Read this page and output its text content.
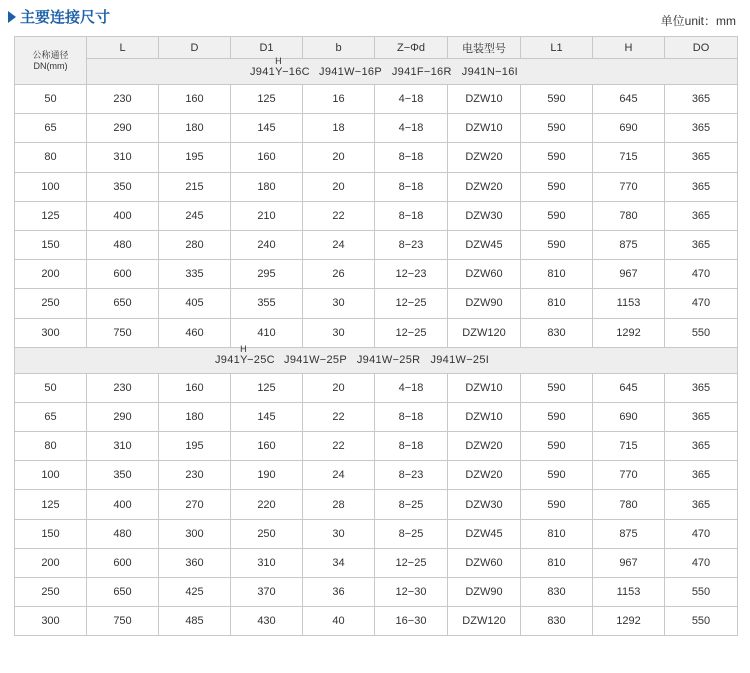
主要连接尺寸	单位unit：mm
公称通径
DN(mm)	L	D	D1	b	Z−Φd	电装型号	L1	H	DO
	J941
H
Y−16C J941W−16P   J941F−16R   J941N−16I								
50	230	160	125	16	4−18	DZW10	590	645	365
65	290	180	145	18	4−18	DZW10	590	690	365
80	310	195	160	20	8−18	DZW20	590	715	365
100	350	215	180	20	8−18	DZW20	590	770	365
125	400	245	210	22	8−18	DZW30	590	780	365
150	480	280	240	24	8−23	DZW45	590	875	365
200	600	335	295	26	12−23	DZW60	810	967	470
250	650	405	355	30	12−25	DZW90	810	1153	470
300	750	460	410	30	12−25	DZW120	830	1292	550
J941
H
Y−25C J941W−25P   J941W−25R   J941W−25I									
50	230	160	125	20	4−18	DZW10	590	645	365
65	290	180	145	22	8−18	DZW10	590	690	365
80	310	195	160	22	8−18	DZW20	590	715	365
100	350	230	190	24	8−23	DZW20	590	770	365
125	400	270	220	28	8−25	DZW30	590	780	365
150	480	300	250	30	8−25	DZW45	810	875	470
200	600	360	310	34	12−25	DZW60	810	967	470
250	650	425	370	36	12−30	DZW90	830	1153	550
300	750	485	430	40	16−30	DZW120	830	1292	550
